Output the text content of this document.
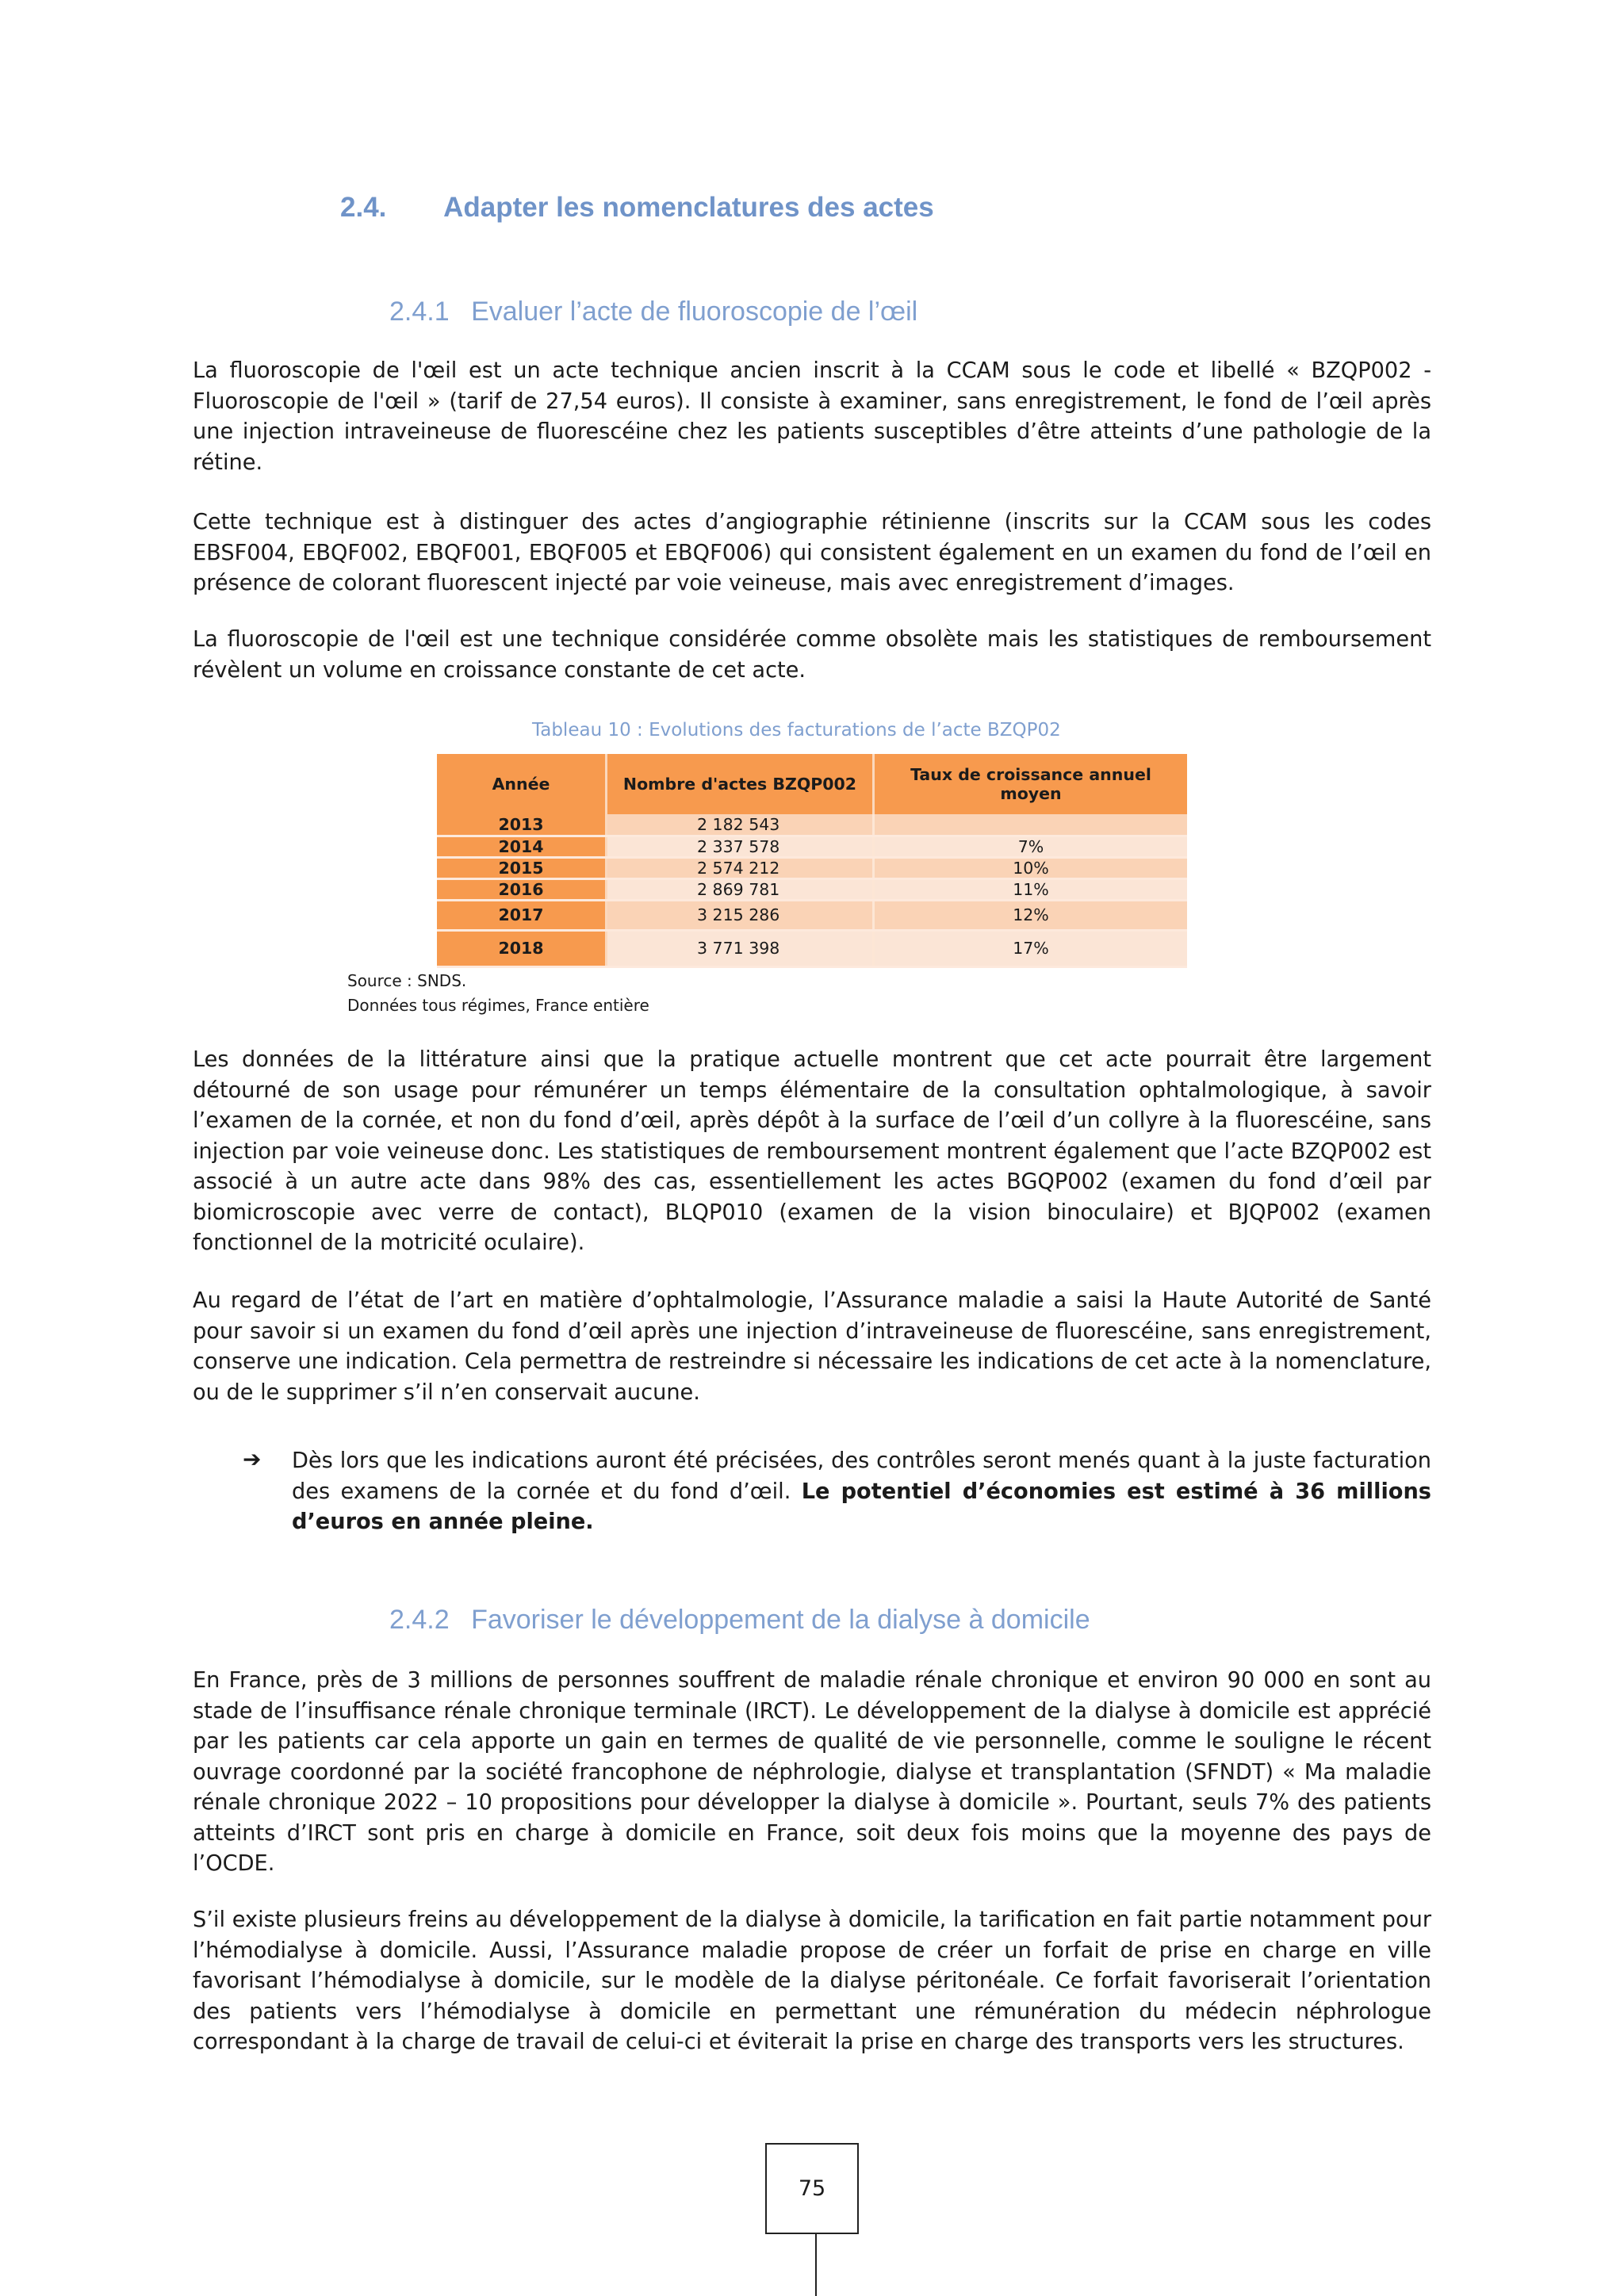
2.4. Adapter les nomenclatures des actes
2.4.1 Evaluer l’acte de fluoroscopie de l’œil

La fluoroscopie de l'œil est un acte technique ancien inscrit à la CCAM sous le code et libellé « BZQP002 - Fluoroscopie de l'œil » (tarif de 27,54 euros). Il consiste à examiner, sans enregistrement, le fond de l’œil après une injection intraveineuse de fluorescéine chez les patients susceptibles d’être atteints d’une pathologie de la rétine.

Cette technique est à distinguer des actes d’angiographie rétinienne (inscrits sur la CCAM sous les codes EBSF004, EBQF002, EBQF001, EBQF005 et EBQF006) qui consistent également en un examen du fond de l’œil en présence de colorant fluorescent injecté par voie veineuse, mais avec enregistrement d’images.

La fluoroscopie de l'œil est une technique considérée comme obsolète mais les statistiques de remboursement révèlent un volume en croissance constante de cet acte.

Tableau 10 : Evolutions des facturations de l’acte BZQP02
Année	Nombre d'actes BZQP002	Taux de croissance annuel moyen
2013	2 182 543	
2014	2 337 578	7%
2015	2 574 212	10%
2016	2 869 781	11%
2017	3 215 286	12%
2018	3 771 398	17%
Source : SNDS.
Données tous régimes, France entière

Les données de la littérature ainsi que la pratique actuelle montrent que cet acte pourrait être largement détourné de son usage pour rémunérer un temps élémentaire de la consultation ophtalmologique, à savoir l’examen de la cornée, et non du fond d’œil, après dépôt à la surface de l’œil d’un collyre à la fluorescéine, sans injection par voie veineuse donc. Les statistiques de remboursement montrent également que l’acte BZQP002 est associé à un autre acte dans 98% des cas, essentiellement les actes BGQP002 (examen du fond d’œil par biomicroscopie avec verre de contact), BLQP010 (examen de la vision binoculaire) et BJQP002 (examen fonctionnel de la motricité oculaire).

Au regard de l’état de l’art en matière d’ophtalmologie, l’Assurance maladie a saisi la Haute Autorité de Santé pour savoir si un examen du fond d’œil après une injection d’intraveineuse de fluorescéine, sans enregistrement, conserve une indication. Cela permettra de restreindre si nécessaire les indications de cet acte à la nomenclature, ou de le supprimer s’il n’en conservait aucune.

➔ Dès lors que les indications auront été précisées, des contrôles seront menés quant à la juste facturation des examens de la cornée et du fond d’œil. Le potentiel d’économies est estimé à 36 millions d’euros en année pleine.

2.4.2 Favoriser le développement de la dialyse à domicile

En France, près de 3 millions de personnes souffrent de maladie rénale chronique et environ 90 000 en sont au stade de l’insuffisance rénale chronique terminale (IRCT). Le développement de la dialyse à domicile est apprécié par les patients car cela apporte un gain en termes de qualité de vie personnelle, comme le souligne le récent ouvrage coordonné par la société francophone de néphrologie, dialyse et transplantation (SFNDT) « Ma maladie rénale chronique 2022 – 10 propositions pour développer la dialyse à domicile ». Pourtant, seuls 7% des patients atteints d’IRCT sont pris en charge à domicile en France, soit deux fois moins que la moyenne des pays de l’OCDE.

S’il existe plusieurs freins au développement de la dialyse à domicile, la tarification en fait partie notamment pour l’hémodialyse à domicile. Aussi, l’Assurance maladie propose de créer un forfait de prise en charge en ville favorisant l’hémodialyse à domicile, sur le modèle de la dialyse péritonéale. Ce forfait favoriserait l’orientation des patients vers l’hémodialyse à domicile en permettant une rémunération du médecin néphrologue correspondant à la charge de travail de celui-ci et éviterait la prise en charge des transports vers les structures.

75
